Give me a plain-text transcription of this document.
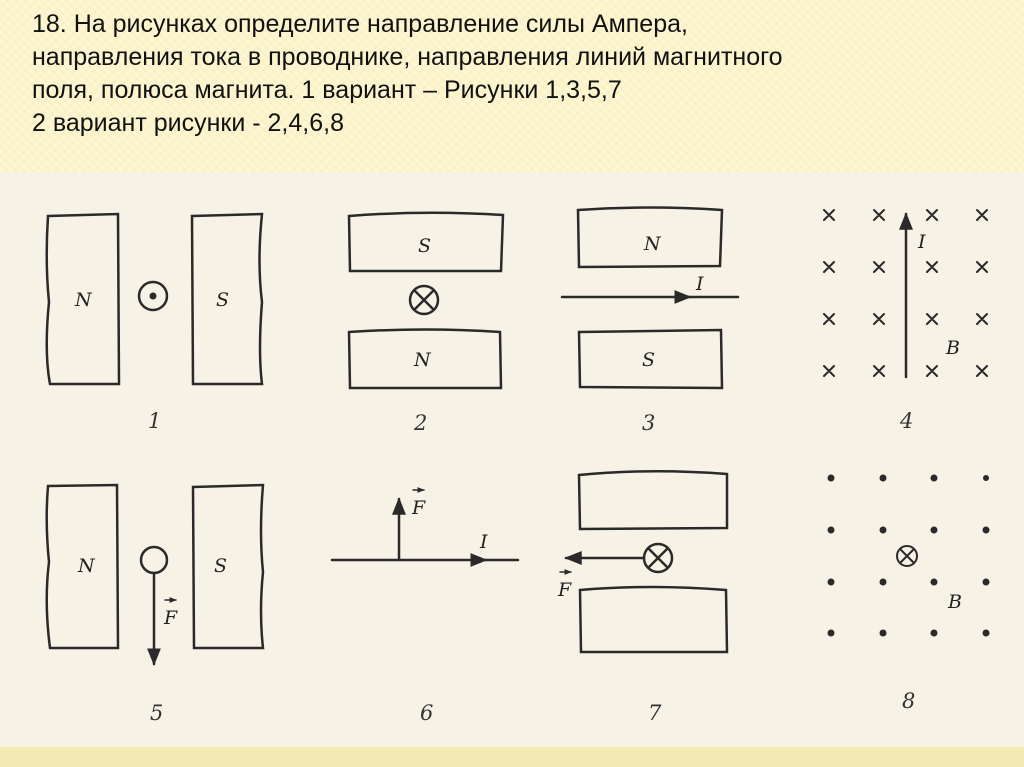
18. На рисунках определите направление силы Ампера,
направления тока в проводнике, направления линий магнитного
поля, полюса магнита. 1 вариант – Рисунки 1,3,5,7
2 вариант рисунки - 2,4,6,8
N	S
1
S
N
2
N
S
I
3
I
B
4
N	S
F
5
I
F
6
F
7
B
8
